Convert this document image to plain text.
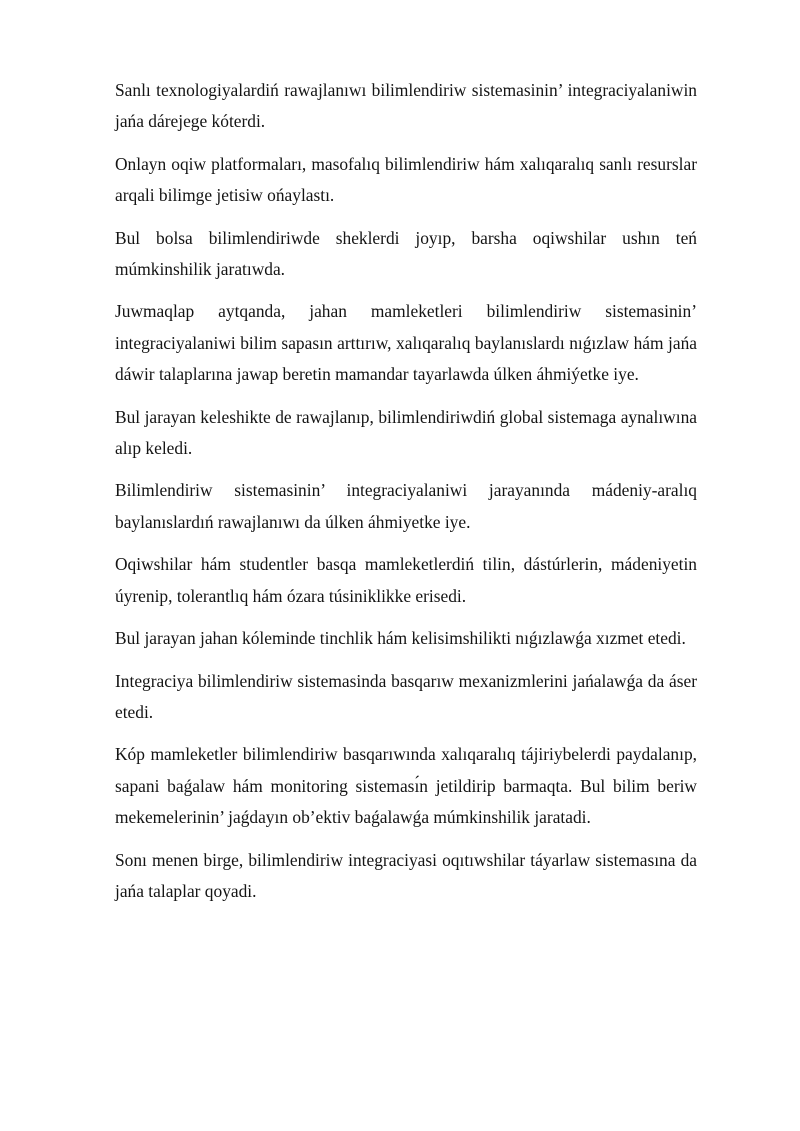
Sanlı texnologiyalardiń rawajlanıwı bilimlendiriw sistemasinin’ integraciyalaniwin jańa dárejege kóterdi.

Onlayn oqiw platformaları, masofalıq bilimlendiriw hám xalıqaralıq sanlı resurslar arqali bilimge jetisiw ońaylastı.

Bul bolsa bilimlendiriwde sheklerdi joyıp, barsha oqiwshilar ushın teń múmkinshilik jaratıwda.

Juwmaqlap aytqanda, jahan mamleketleri bilimlendiriw sistemasinin’ integraciyalaniwi bilim sapasın arttırıw, xalıqaralıq baylanıslardı nıǵızlaw hám jańa dáwir talaplarına jawap beretin mamandar tayarlawda úlken áhmiýetke iye.

Bul jarayan keleshikte de rawajlanıp, bilimlendiriwdiń global sistemaga aynalıwına alıp keledi.

Bilimlendiriw sistemasinin’ integraciyalaniwi jarayanında mádeniy-aralıq baylanıslardıń rawajlanıwı da úlken áhmiyetke iye.

Oqiwshilar hám studentler basqa mamleketlerdiń tilin, dástúrlerin, mádeniyetin úyrenip, tolerantlıq hám ózara túsiniklikke erisedi.

Bul jarayan jahan kóleminde tinchlik hám kelisimshilikti nıǵızlawǵa xızmet etedi.

Integraciya bilimlendiriw sistemasinda basqarıw mexanizmlerini jańalawǵa da áser etedi.

Kóp mamleketler bilimlendiriw basqarıwında xalıqaralıq tájiriybelerdi paydalanıp, sapani baǵalaw hám monitoring sisteması́n jetildirip barmaqta. Bul bilim beriw mekemelerinin’ jaǵdayın ob’ektiv baǵalawǵa múmkinshilik jaratadi.

Sonı menen birge, bilimlendiriw integraciyasi oqıtıwshilar táyarlaw sistemasına da jańa talaplar qoyadi.
